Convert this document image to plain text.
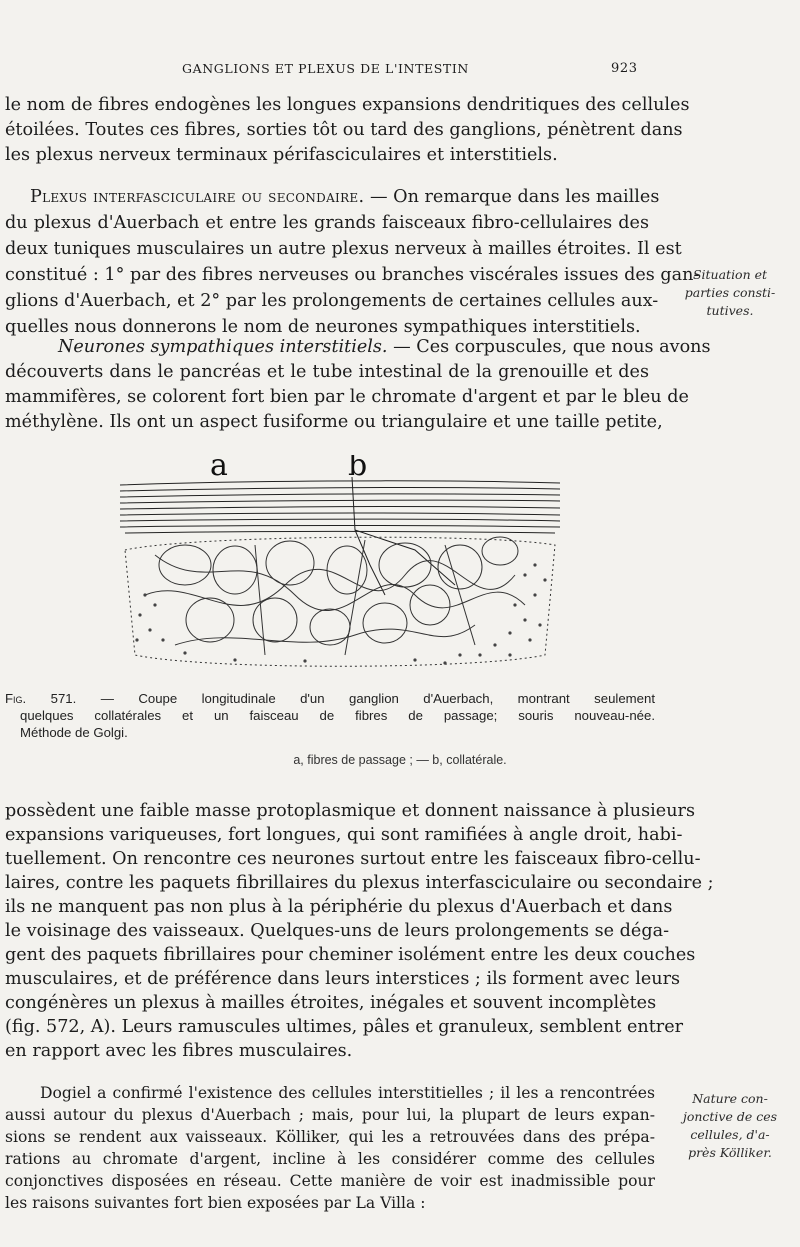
GANGLIONS ET PLEXUS DE L'INTESTIN	923
le nom de fibres endogènes les longues expansions dendritiques des cellules
étoilées. Toutes ces fibres, sorties tôt ou tard des ganglions, pénètrent dans
les plexus nerveux terminaux périfasciculaires et interstitiels.
Plexus interfasciculaire ou secondaire. — On remarque dans les mailles
du plexus d'Auerbach et entre les grands faisceaux fibro-cellulaires des
deux tuniques musculaires un autre plexus nerveux à mailles étroites. Il est
constitué : 1° par des fibres nerveuses ou branches viscérales issues des gan-
glions d'Auerbach, et 2° par les prolongements de certaines cellules aux-
quelles nous donnerons le nom de neurones sympathiques interstitiels.
Neurones sympathiques interstitiels. — Ces corpuscules, que nous avons
découverts dans le pancréas et le tube intestinal de la grenouille et des
mammifères, se colorent fort bien par le chromate d'argent et par le bleu de
méthylène. Ils ont un aspect fusiforme ou triangulaire et une taille petite,
Situation et
parties consti-
tutives.
a	b
Fig. 571. — Coupe longitudinale d'un ganglion d'Auerbach, montrant seulement
quelques collatérales et un faisceau de fibres de passage; souris nouveau-née.
Méthode de Golgi.
a, fibres de passage ; — b, collatérale.
possèdent une faible masse protoplasmique et donnent naissance à plusieurs
expansions variqueuses, fort longues, qui sont ramifiées à angle droit, habi-
tuellement. On rencontre ces neurones surtout entre les faisceaux fibro-cellu-
laires, contre les paquets fibrillaires du plexus interfasciculaire ou secondaire ;
ils ne manquent pas non plus à la périphérie du plexus d'Auerbach et dans
le voisinage des vaisseaux. Quelques-uns de leurs prolongements se déga-
gent des paquets fibrillaires pour cheminer isolément entre les deux couches
musculaires, et de préférence dans leurs interstices ; ils forment avec leurs
congénères un plexus à mailles étroites, inégales et souvent incomplètes
(fig. 572, A). Leurs ramuscules ultimes, pâles et granuleux, semblent entrer
en rapport avec les fibres musculaires.
Dogiel a confirmé l'existence des cellules interstitielles ; il les a rencontrées
aussi autour du plexus d'Auerbach ; mais, pour lui, la plupart de leurs expan-
sions se rendent aux vaisseaux. Kölliker, qui les a retrouvées dans des prépa-
rations au chromate d'argent, incline à les considérer comme des cellules
conjonctives disposées en réseau. Cette manière de voir est inadmissible pour
les raisons suivantes fort bien exposées par La Villa :
Nature con-
jonctive de ces
cellules, d'a-
près Kölliker.
